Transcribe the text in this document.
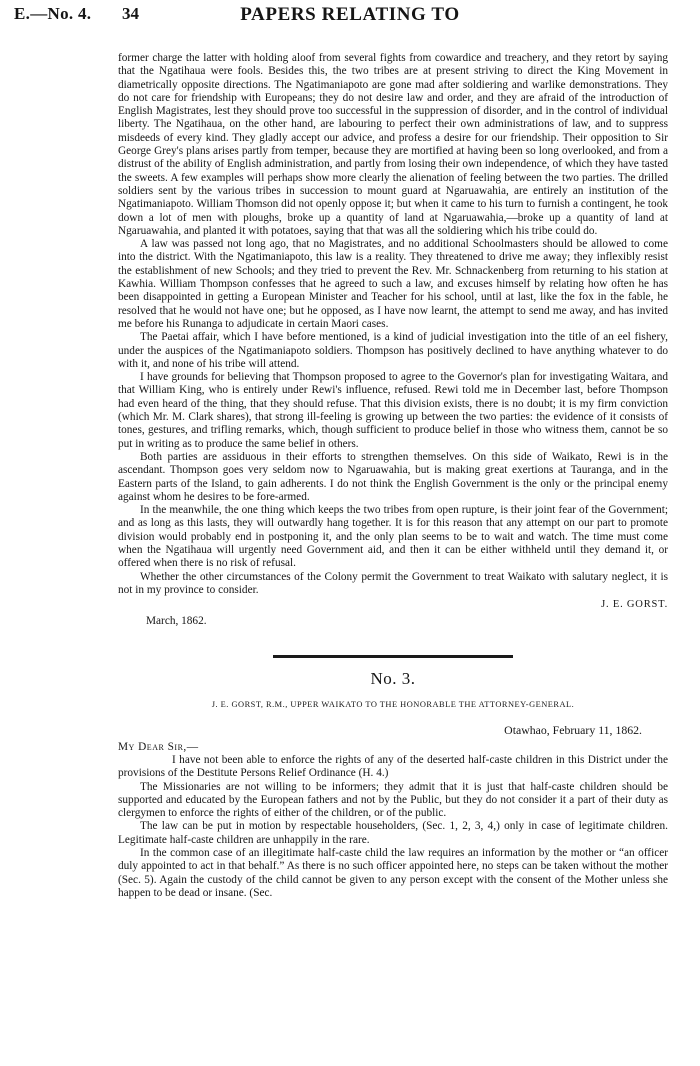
E.—No. 4. 34	PAPERS RELATING TO

former charge the latter with holding aloof from several fights from cowardice and treachery, and they retort by saying that the Ngatihaua were fools. Besides this, the two tribes are at present striving to direct the King Movement in diametrically opposite directions. The Ngatimaniapoto are gone mad after soldiering and warlike demonstrations. They do not care for friendship with Europeans; they do not desire law and order, and they are afraid of the introduction of English Magistrates, lest they should prove too successful in the suppression of disorder, and in the control of individual liberty. The Ngatihaua, on the other hand, are labouring to perfect their own administrations of law, and to suppress misdeeds of every kind. They gladly accept our advice, and profess a desire for our friendship. Their opposition to Sir George Grey's plans arises partly from temper, because they are mortified at having been so long overlooked, and from a distrust of the ability of English administration, and partly from losing their own independence, of which they have tasted the sweets. A few examples will perhaps show more clearly the alienation of feeling between the two parties. The drilled soldiers sent by the various tribes in succession to mount guard at Ngaruawahia, are entirely an institution of the Ngatimaniapoto. William Thomson did not openly oppose it; but when it came to his turn to furnish a contingent, he took down a lot of men with ploughs, broke up a quantity of land at Ngaruawahia,—broke up a quantity of land at Ngaruawahia, and planted it with potatoes, saying that that was all the soldiering which his tribe could do.

A law was passed not long ago, that no Magistrates, and no additional Schoolmasters should be allowed to come into the district. With the Ngatimaniapoto, this law is a reality. They threatened to drive me away; they inflexibly resist the establishment of new Schools; and they tried to prevent the Rev. Mr. Schnackenberg from returning to his station at Kawhia. William Thompson confesses that he agreed to such a law, and excuses himself by relating how often he has been disappointed in getting a European Minister and Teacher for his school, until at last, like the fox in the fable, he resolved that he would not have one; but he opposed, as I have now learnt, the attempt to send me away, and has invited me before his Runanga to adjudicate in certain Maori cases.

The Paetai affair, which I have before mentioned, is a kind of judicial investigation into the title of an eel fishery, under the auspices of the Ngatimaniapoto soldiers. Thompson has positively declined to have anything whatever to do with it, and none of his tribe will attend.

I have grounds for believing that Thompson proposed to agree to the Governor's plan for investigating Waitara, and that William King, who is entirely under Rewi's influence, refused. Rewi told me in December last, before Thompson had even heard of the thing, that they should refuse. That this division exists, there is no doubt; it is my firm conviction (which Mr. M. Clark shares), that strong ill-feeling is growing up between the two parties: the evidence of it consists of tones, gestures, and trifling remarks, which, though sufficient to produce belief in those who witness them, cannot be so put in writing as to produce the same belief in others.

Both parties are assiduous in their efforts to strengthen themselves. On this side of Waikato, Rewi is in the ascendant. Thompson goes very seldom now to Ngaruawahia, but is making great exertions at Tauranga, and in the Eastern parts of the Island, to gain adherents. I do not think the English Government is the only or the principal enemy against whom he desires to be fore-armed.

In the meanwhile, the one thing which keeps the two tribes from open rupture, is their joint fear of the Government; and as long as this lasts, they will outwardly hang together. It is for this reason that any attempt on our part to promote division would probably end in postponing it, and the only plan seems to be to wait and watch. The time must come when the Ngatihaua will urgently need Government aid, and then it can be either withheld until they demand it, or offered when there is no risk of refusal.

Whether the other circumstances of the Colony permit the Government to treat Waikato with salutary neglect, it is not in my province to consider.

J. E. GORST.
March, 1862.
No. 3.
J. E. GORST, R.M., UPPER WAIKATO TO THE HONORABLE THE ATTORNEY-GENERAL.
Otawhao, February 11, 1862.
My Dear Sir,—

I have not been able to enforce the rights of any of the deserted half-caste children in this District under the provisions of the Destitute Persons Relief Ordinance (H. 4.)

The Missionaries are not willing to be informers; they admit that it is just that half-caste children should be supported and educated by the European fathers and not by the Public, but they do not consider it a part of their duty as clergymen to enforce the rights of either of the children, or of the public.

The law can be put in motion by respectable householders, (Sec. 1, 2, 3, 4,) only in case of legitimate children. Legitimate half-caste children are unhappily in the rare.

In the common case of an illegitimate half-caste child the law requires an information by the mother or “an officer duly appointed to act in that behalf.” As there is no such officer appointed here, no steps can be taken without the mother (Sec. 5). Again the custody of the child cannot be given to any person except with the consent of the Mother unless she happen to be dead or insane. (Sec.
